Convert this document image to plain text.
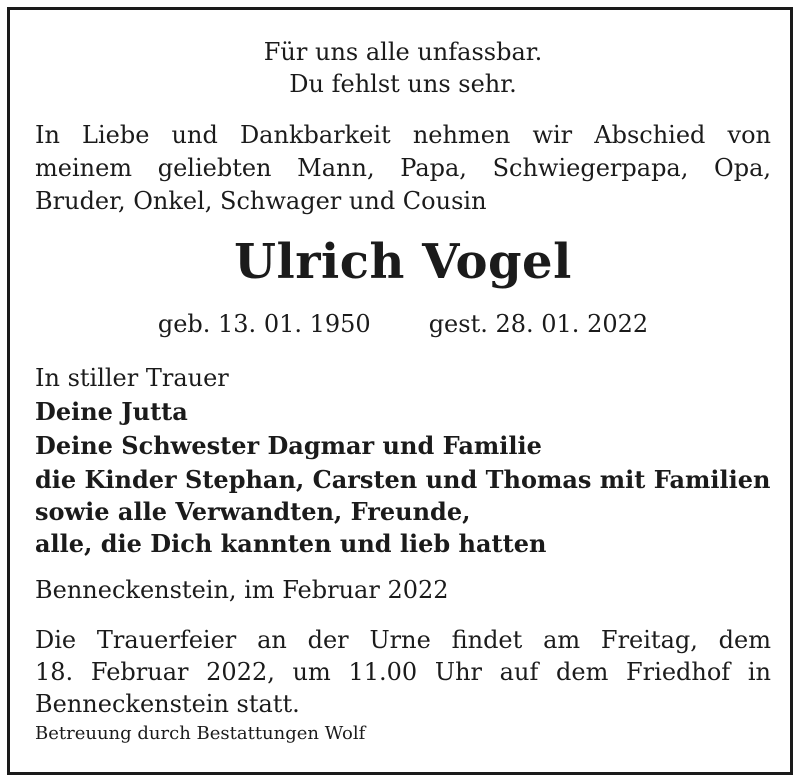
Für uns alle unfassbar.
Du fehlst uns sehr.
In Liebe und Dankbarkeit nehmen wir Abschied von
meinem geliebten Mann, Papa, Schwiegerpapa, Opa,
Bruder, Onkel, Schwager und Cousin
Ulrich Vogel
geb. 13. 01. 1950 gest. 28. 01. 2022
In stiller Trauer
Deine Jutta
Deine Schwester Dagmar und Familie
die Kinder Stephan, Carsten und Thomas mit Familien
sowie alle Verwandten, Freunde,
alle, die Dich kannten und lieb hatten
Benneckenstein, im Februar 2022
Die Trauerfeier an der Urne findet am Freitag, dem
18. Februar 2022, um 11.00 Uhr auf dem Friedhof in
Benneckenstein statt.
Betreuung durch Bestattungen Wolf
